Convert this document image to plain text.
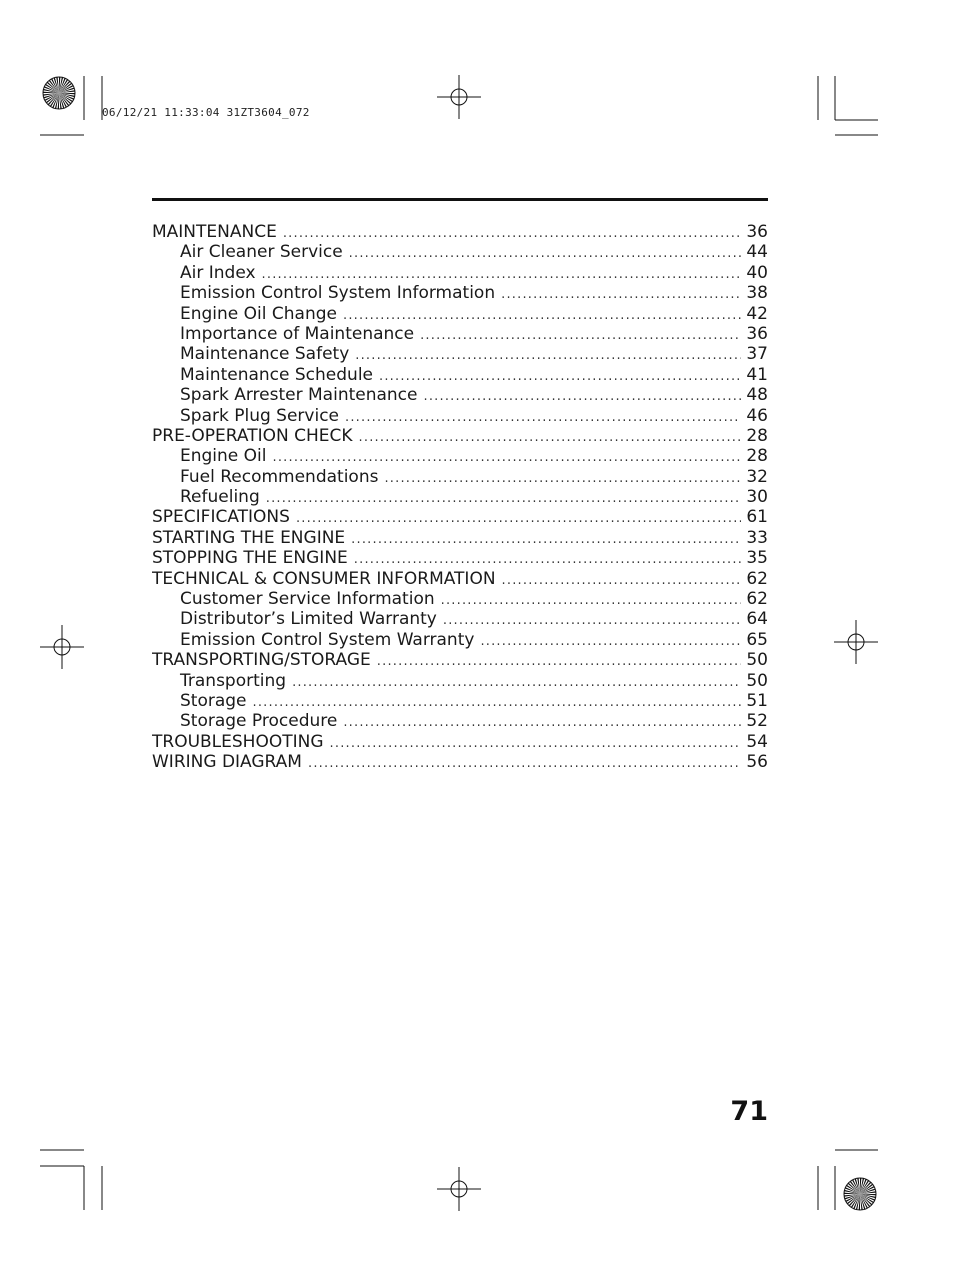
06/12/21 11:33:04 31ZT3604_072
MAINTENANCE .....	36
Air Cleaner Service .....	44
Air Index .....	40
Emission Control System Information .....	38
Engine Oil Change .....	42
Importance of Maintenance .....	36
Maintenance Safety .....	37
Maintenance Schedule .....	41
Spark Arrester Maintenance .....	48
Spark Plug Service .....	46
PRE-OPERATION CHECK .....	28
Engine Oil .....	28
Fuel Recommendations .....	32
Refueling .....	30
SPECIFICATIONS .....	61
STARTING THE ENGINE .....	33
STOPPING THE ENGINE .....	35
TECHNICAL & CONSUMER INFORMATION .....	62
Customer Service Information .....	62
Distributor’s Limited Warranty .....	64
Emission Control System Warranty .....	65
TRANSPORTING/STORAGE .....	50
Transporting .....	50
Storage .....	51
Storage Procedure .....	52
TROUBLESHOOTING .....	54
WIRING DIAGRAM .....	56
71
